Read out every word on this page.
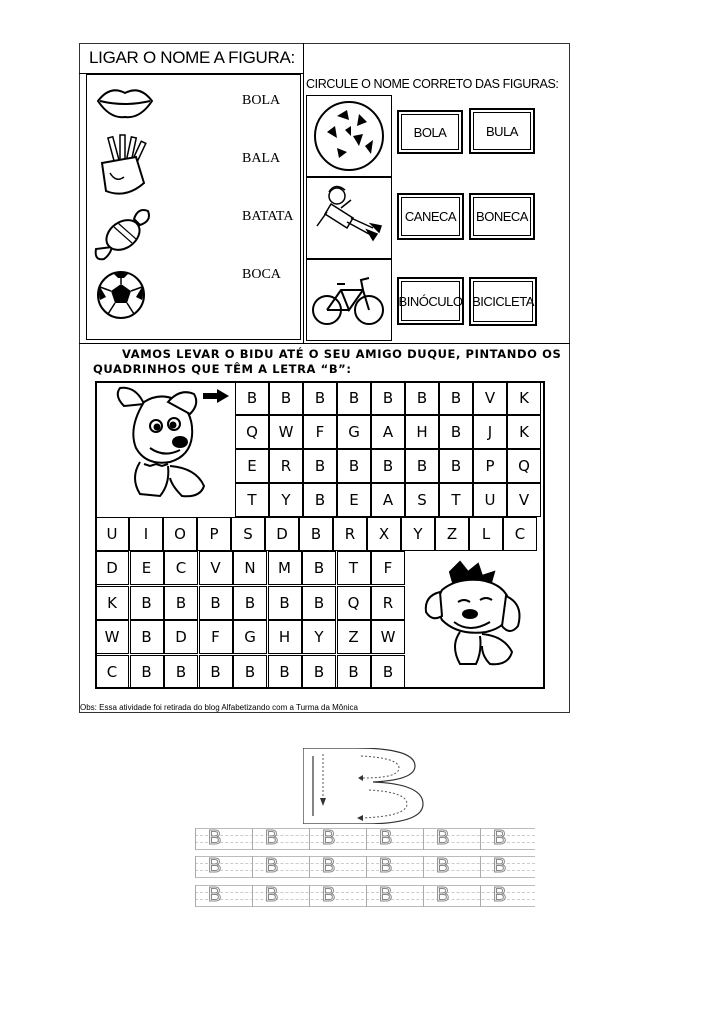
LIGAR O NOME A FIGURA:
BOLA
BALA
BATATA
BOCA
CIRCULE O NOME CORRETO DAS FIGURAS:
BOLA	BULA
CANECA	BONECA
BINÓCULO BICICLETA
VAMOS LEVAR O BIDU ATÉ O SEU AMIGO DUQUE, PINTANDO OS
QUADRINHOS QUE TÊM A LETRA “B”:
B	B	B	B	B	B	B	V	K
Q	W	F	G	A	H	B	J	K
E	R	B	B	B	B	B	P	Q
T	Y	B	E	A	S	T	U	V
U	I	O	P	S	D	B	R	X	Y	Z	L	C
D	E	C	V	N	M	B	T	F
K	B	B	B	B	B	B	Q	R
W	B	D	F	G	H	Y	Z	W
C	B	B	B	B	B	B	B	B
Obs: Essa atividade foi retirada do blog Alfabetizando com a Turma da Mônica
B B B B B B
B B B B B B
B B B B B B
